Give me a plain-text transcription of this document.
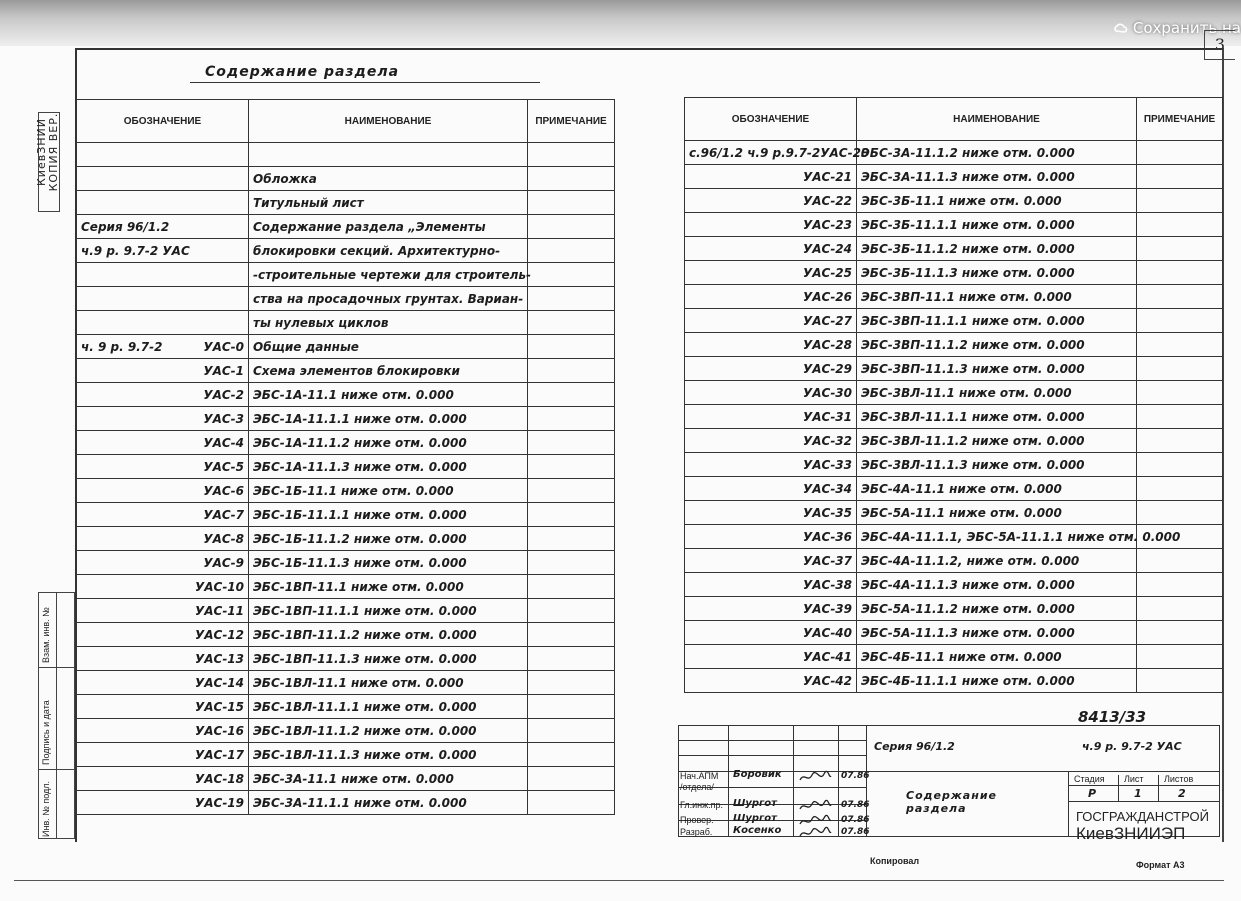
Сохранить на
3
КиевЗНИИ КОПИЯ ВЕР.
Взам. инв. №
Подпись и дата
Инв. № подл.
Содержание раздела
ОБОЗНАЧЕНИЕ	НАИМЕНОВАНИЕ	ПРИМЕЧАНИЕ

	Обложка	
	Титульный лист	

Серия 96/1.2	Содержание раздела „Элементы	

ч.9 р. 9.7-2 УАС	блокировки секций. Архитектурно-	
	-строительные чертежи для строитель-	
	ства на просадочных грунтах. Вариан-	
	ты нулевых циклов	

ч. 9 р. 9.7-2 УАС-0	Общие данные	
УАС-1	Схема элементов блокировки	
УАС-2	ЭБС-1А-11.1 ниже отм. 0.000	
УАС-3	ЭБС-1А-11.1.1 ниже отм. 0.000	
УАС-4	ЭБС-1А-11.1.2 ниже отм. 0.000	
УАС-5	ЭБС-1А-11.1.3 ниже отм. 0.000	
УАС-6	ЭБС-1Б-11.1 ниже отм. 0.000	
УАС-7	ЭБС-1Б-11.1.1 ниже отм. 0.000	
УАС-8	ЭБС-1Б-11.1.2 ниже отм. 0.000	
УАС-9	ЭБС-1Б-11.1.3 ниже отм. 0.000	
УАС-10	ЭБС-1ВП-11.1 ниже отм. 0.000	
УАС-11	ЭБС-1ВП-11.1.1 ниже отм. 0.000	
УАС-12	ЭБС-1ВП-11.1.2 ниже отм. 0.000	
УАС-13	ЭБС-1ВП-11.1.3 ниже отм. 0.000	
УАС-14	ЭБС-1ВЛ-11.1 ниже отм. 0.000	
УАС-15	ЭБС-1ВЛ-11.1.1 ниже отм. 0.000	
УАС-16	ЭБС-1ВЛ-11.1.2 ниже отм. 0.000	
УАС-17	ЭБС-1ВЛ-11.1.3 ниже отм. 0.000	
УАС-18	ЭБС-3А-11.1 ниже отм. 0.000	
УАС-19	ЭБС-3А-11.1.1 ниже отм. 0.000	
ОБОЗНАЧЕНИЕ	НАИМЕНОВАНИЕ	ПРИМЕЧАНИЕ

с.96/1.2 ч.9 р.9.7-2 УАС-20	ЭБС-3А-11.1.2 ниже отм. 0.000	
УАС-21	ЭБС-3А-11.1.3 ниже отм. 0.000	
УАС-22	ЭБС-3Б-11.1 ниже отм. 0.000	
УАС-23	ЭБС-3Б-11.1.1 ниже отм. 0.000	
УАС-24	ЭБС-3Б-11.1.2 ниже отм. 0.000	
УАС-25	ЭБС-3Б-11.1.3 ниже отм. 0.000	
УАС-26	ЭБС-3ВП-11.1 ниже отм. 0.000	
УАС-27	ЭБС-3ВП-11.1.1 ниже отм. 0.000	
УАС-28	ЭБС-3ВП-11.1.2 ниже отм. 0.000	
УАС-29	ЭБС-3ВП-11.1.3 ниже отм. 0.000	
УАС-30	ЭБС-3ВЛ-11.1 ниже отм. 0.000	
УАС-31	ЭБС-3ВЛ-11.1.1 ниже отм. 0.000	
УАС-32	ЭБС-3ВЛ-11.1.2 ниже отм. 0.000	
УАС-33	ЭБС-3ВЛ-11.1.3 ниже отм. 0.000	
УАС-34	ЭБС-4А-11.1 ниже отм. 0.000	
УАС-35	ЭБС-5А-11.1 ниже отм. 0.000	
УАС-36	ЭБС-4А-11.1.1, ЭБС-5А-11.1.1 ниже отм. 0.000	
УАС-37	ЭБС-4А-11.1.2, ниже отм. 0.000	
УАС-38	ЭБС-4А-11.1.3 ниже отм. 0.000	
УАС-39	ЭБС-5А-11.1.2 ниже отм. 0.000	
УАС-40	ЭБС-5А-11.1.3 ниже отм. 0.000	
УАС-41	ЭБС-4Б-11.1 ниже отм. 0.000	
УАС-42	ЭБС-4Б-11.1.1 ниже отм. 0.000	
8413/33
Серия 96/1.2	ч.9 р. 9.7-2 УАС
Содержание раздела
Стадия Лист Листов
Р	1	2
ГОСГРАЖДАНСТРОЙ
КиевЗНИИЭП
Нач.АПМ Боровик	07.86
/отдела/
Гл.инж.пр. Шургот	07.86
Провер. Шургот	07.86
Разраб. Косенко	07.86
Копировал	Формат А3
